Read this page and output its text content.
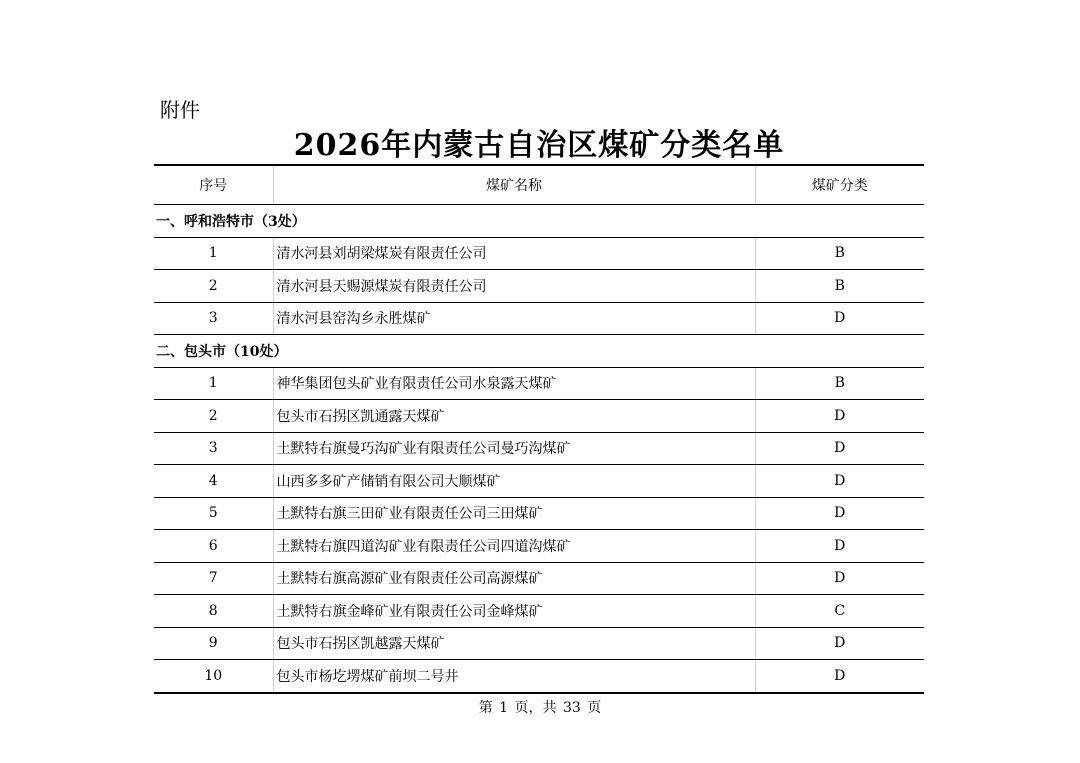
附件
2026年内蒙古自治区煤矿分类名单
序号	煤矿名称	煤矿分类
一、呼和浩特市（3处）		
1	清水河县刘胡梁煤炭有限责任公司	B
2	清水河县天赐源煤炭有限责任公司	B
3	清水河县窑沟乡永胜煤矿	D
二、包头市（10处）		
1	神华集团包头矿业有限责任公司水泉露天煤矿	B
2	包头市石拐区凯通露天煤矿	D
3	土默特右旗曼巧沟矿业有限责任公司曼巧沟煤矿	D
4	山西多多矿产储销有限公司大顺煤矿	D
5	土默特右旗三田矿业有限责任公司三田煤矿	D
6	土默特右旗四道沟矿业有限责任公司四道沟煤矿	D
7	土默特右旗高源矿业有限责任公司高源煤矿	D
8	土默特右旗金峰矿业有限责任公司金峰煤矿	C
9	包头市石拐区凯越露天煤矿	D
10	包头市杨圪塄煤矿前坝二号井	D
第 1 页，共 33 页
